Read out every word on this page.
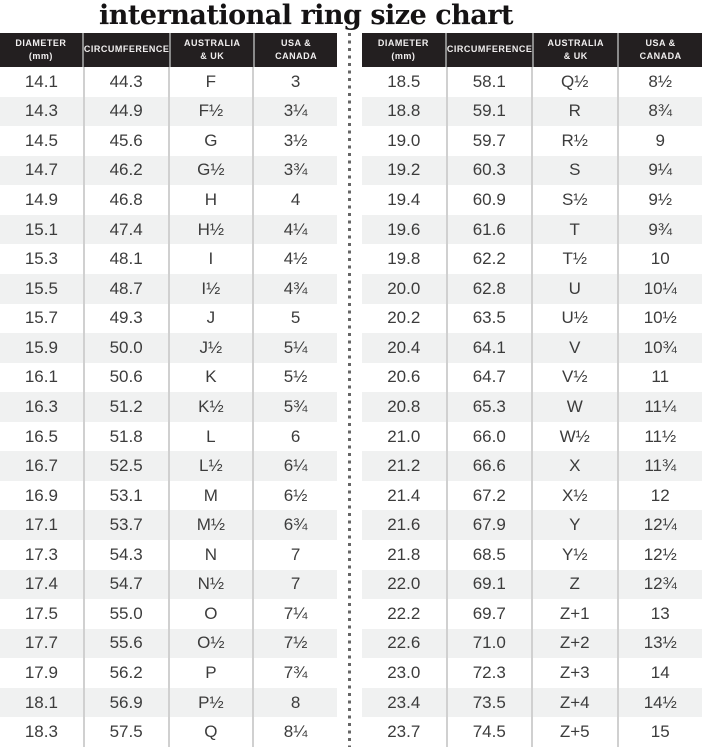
international ring size chart
DIAMETER
(mm)
CIRCUMFERENCE
AUSTRALIA
& UK
USA &
CANADA
14.1	44.3	F	3
14.3	44.9	F½	3¼
14.5	45.6	G	3½
14.7	46.2	G½	3¾
14.9	46.8	H	4
15.1	47.4	H½	4¼
15.3	48.1	I	4½
15.5	48.7	I½	4¾
15.7	49.3	J	5
15.9	50.0	J½	5¼
16.1	50.6	K	5½
16.3	51.2	K½	5¾
16.5	51.8	L	6
16.7	52.5	L½	6¼
16.9	53.1	M	6½
17.1	53.7	M½	6¾
17.3	54.3	N	7
17.4	54.7	N½	7
17.5	55.0	O	7¼
17.7	55.6	O½	7½
17.9	56.2	P	7¾
18.1	56.9	P½	8
18.3	57.5	Q	8¼
DIAMETER
(mm)
CIRCUMFERENCE
AUSTRALIA
& UK
USA &
CANADA
18.5	58.1	Q½	8½
18.8	59.1	R	8¾
19.0	59.7	R½	9
19.2	60.3	S	9¼
19.4	60.9	S½	9½
19.6	61.6	T	9¾
19.8	62.2	T½	10
20.0	62.8	U	10¼
20.2	63.5	U½	10½
20.4	64.1	V	10¾
20.6	64.7	V½	11
20.8	65.3	W	11¼
21.0	66.0	W½	11½
21.2	66.6	X	11¾
21.4	67.2	X½	12
21.6	67.9	Y	12¼
21.8	68.5	Y½	12½
22.0	69.1	Z	12¾
22.2	69.7	Z+1	13
22.6	71.0	Z+2	13½
23.0	72.3	Z+3	14
23.4	73.5	Z+4	14½
23.7	74.5	Z+5	15
